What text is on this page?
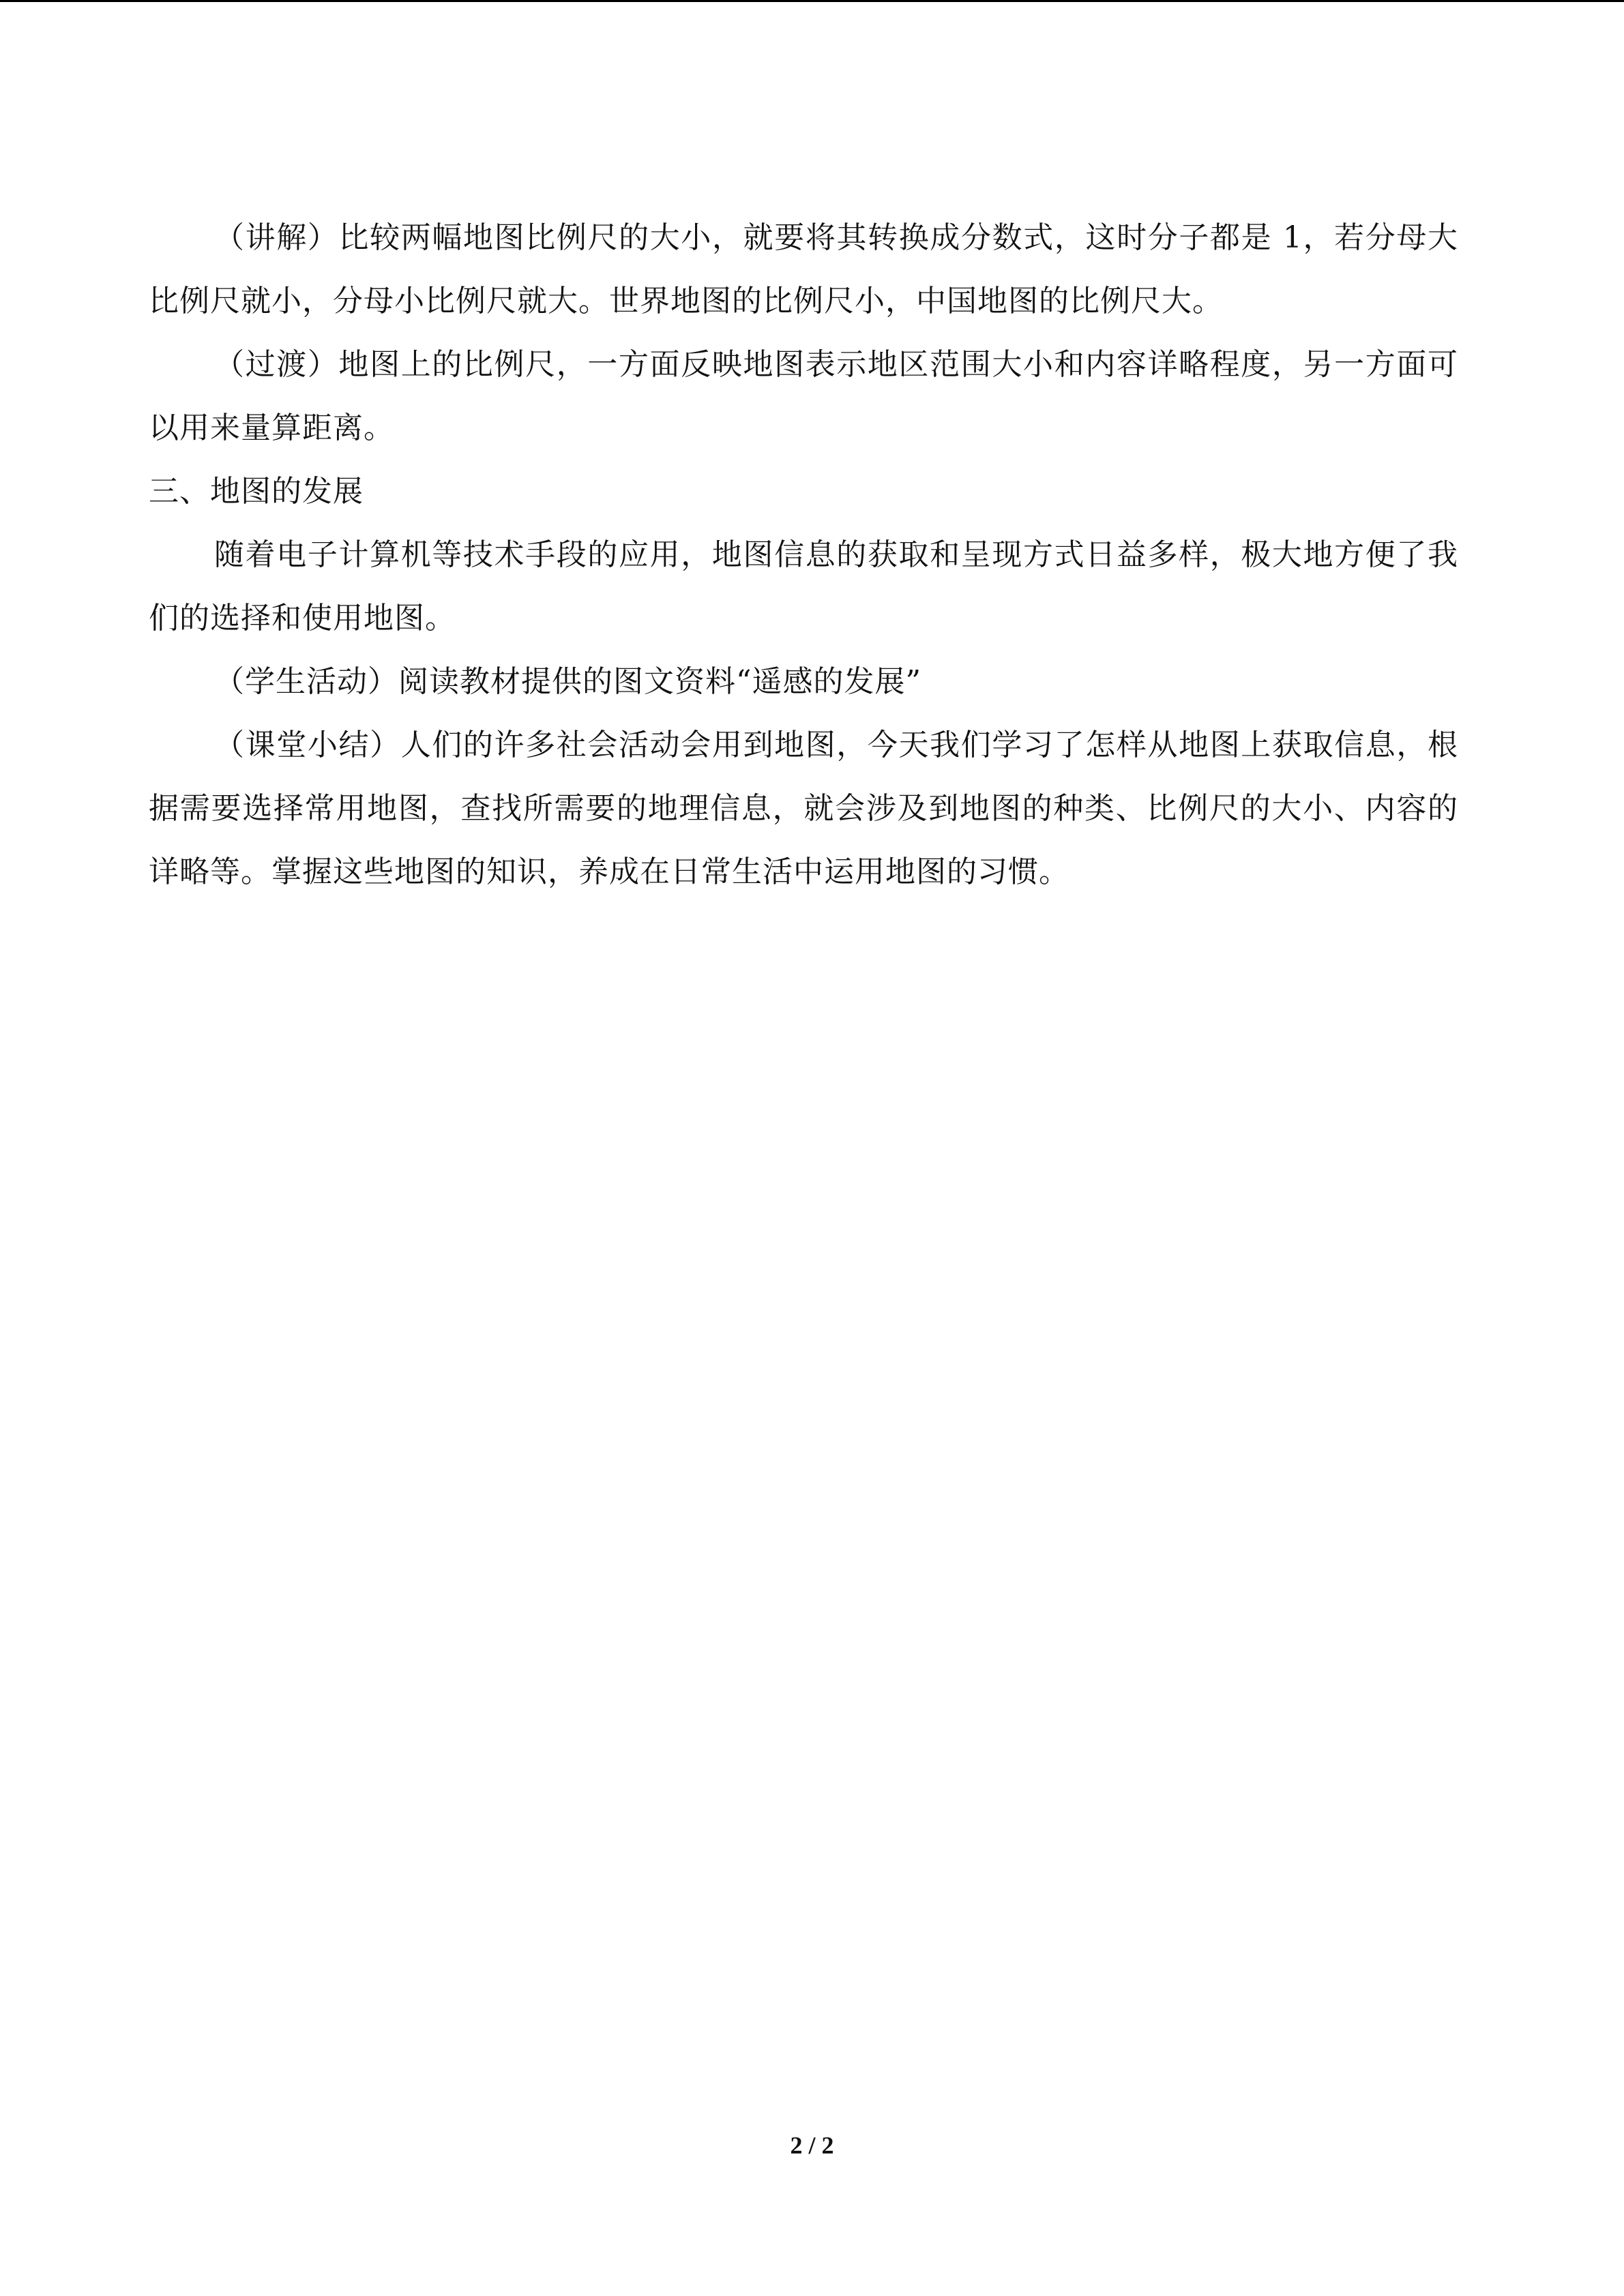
（讲解）比较两幅地图比例尺的大小，就要将其转换成分数式，这时分子都是 1，若分母大比例尺就小，分母小比例尺就大。世界地图的比例尺小，中国地图的比例尺大。

（过渡）地图上的比例尺，一方面反映地图表示地区范围大小和内容详略程度，另一方面可以用来量算距离。

三、地图的发展

随着电子计算机等技术手段的应用，地图信息的获取和呈现方式日益多样，极大地方便了我们的选择和使用地图。

（学生活动）阅读教材提供的图文资料“遥感的发展”

（课堂小结）人们的许多社会活动会用到地图，今天我们学习了怎样从地图上获取信息，根据需要选择常用地图，查找所需要的地理信息，就会涉及到地图的种类、比例尺的大小、内容的详略等。掌握这些地图的知识，养成在日常生活中运用地图的习惯。

2 / 2
